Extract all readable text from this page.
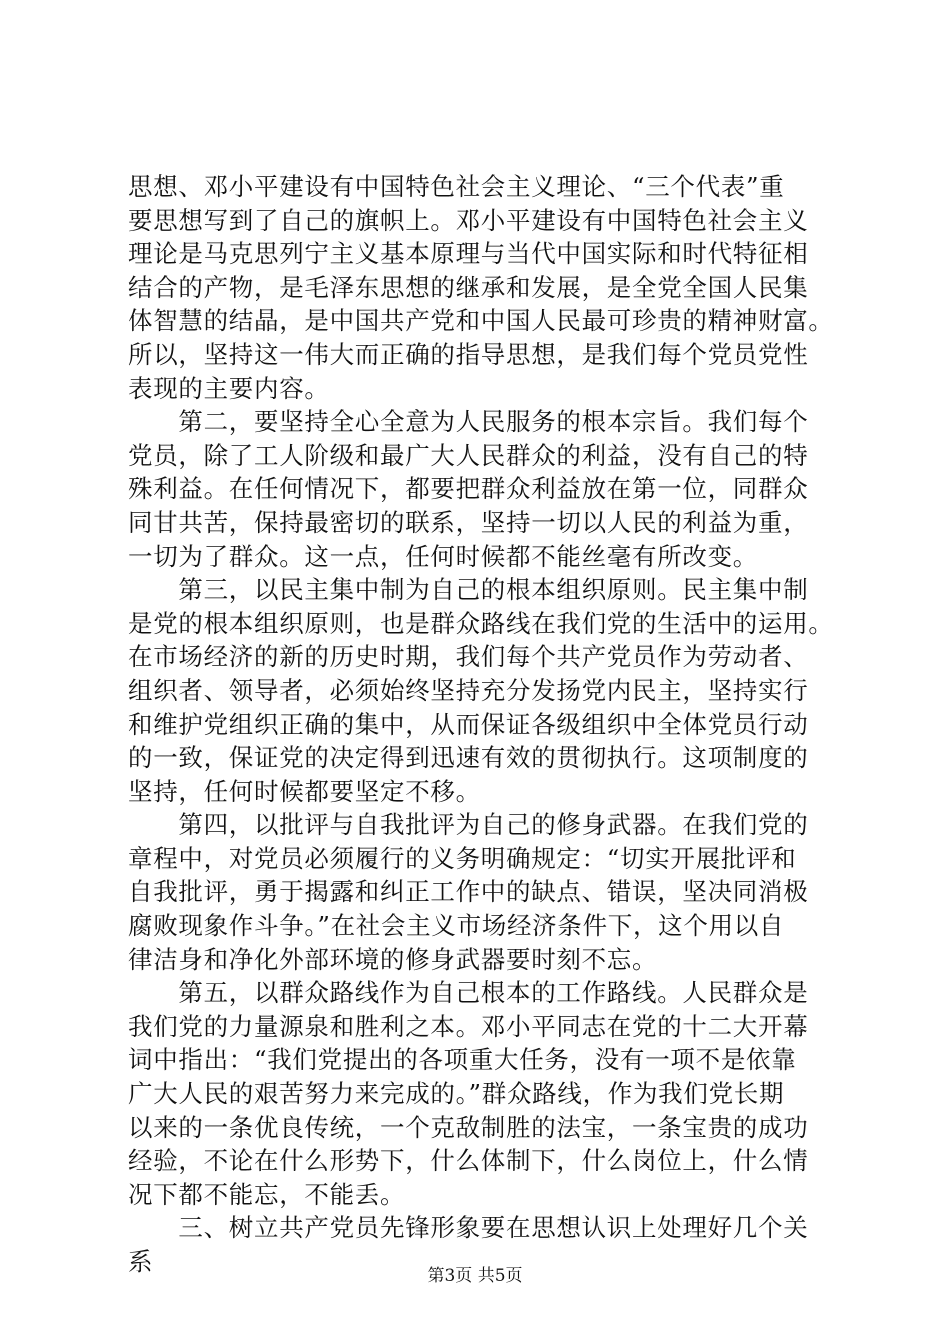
思想、邓小平建设有中国特色社会主义理论、“三个代表”重
要思想写到了自己的旗帜上。邓小平建设有中国特色社会主义
理论是马克思列宁主义基本原理与当代中国实际和时代特征相
结合的产物，是毛泽东思想的继承和发展，是全党全国人民集
体智慧的结晶，是中国共产党和中国人民最可珍贵的精神财富。
所以，坚持这一伟大而正确的指导思想，是我们每个党员党性
表现的主要内容。
　　第二，要坚持全心全意为人民服务的根本宗旨。我们每个
党员，除了工人阶级和最广大人民群众的利益，没有自己的特
殊利益。在任何情况下，都要把群众利益放在第一位，同群众
同甘共苦，保持最密切的联系，坚持一切以人民的利益为重，
一切为了群众。这一点，任何时候都不能丝毫有所改变。
　　第三，以民主集中制为自己的根本组织原则。民主集中制
是党的根本组织原则，也是群众路线在我们党的生活中的运用。
在市场经济的新的历史时期，我们每个共产党员作为劳动者、
组织者、领导者，必须始终坚持充分发扬党内民主，坚持实行
和维护党组织正确的集中，从而保证各级组织中全体党员行动
的一致，保证党的决定得到迅速有效的贯彻执行。这项制度的
坚持，任何时候都要坚定不移。
　　第四，以批评与自我批评为自己的修身武器。在我们党的
章程中，对党员必须履行的义务明确规定：“切实开展批评和
自我批评，勇于揭露和纠正工作中的缺点、错误，坚决同消极
腐败现象作斗争。”在社会主义市场经济条件下，这个用以自
律洁身和净化外部环境的修身武器要时刻不忘。
　　第五，以群众路线作为自己根本的工作路线。人民群众是
我们党的力量源泉和胜利之本。邓小平同志在党的十二大开幕
词中指出：“我们党提出的各项重大任务，没有一项不是依靠
广大人民的艰苦努力来完成的。”群众路线，作为我们党长期
以来的一条优良传统，一个克敌制胜的法宝，一条宝贵的成功
经验，不论在什么形势下，什么体制下，什么岗位上，什么情
况下都不能忘，不能丢。
　　三、树立共产党员先锋形象要在思想认识上处理好几个关
系	第3页 共5页
